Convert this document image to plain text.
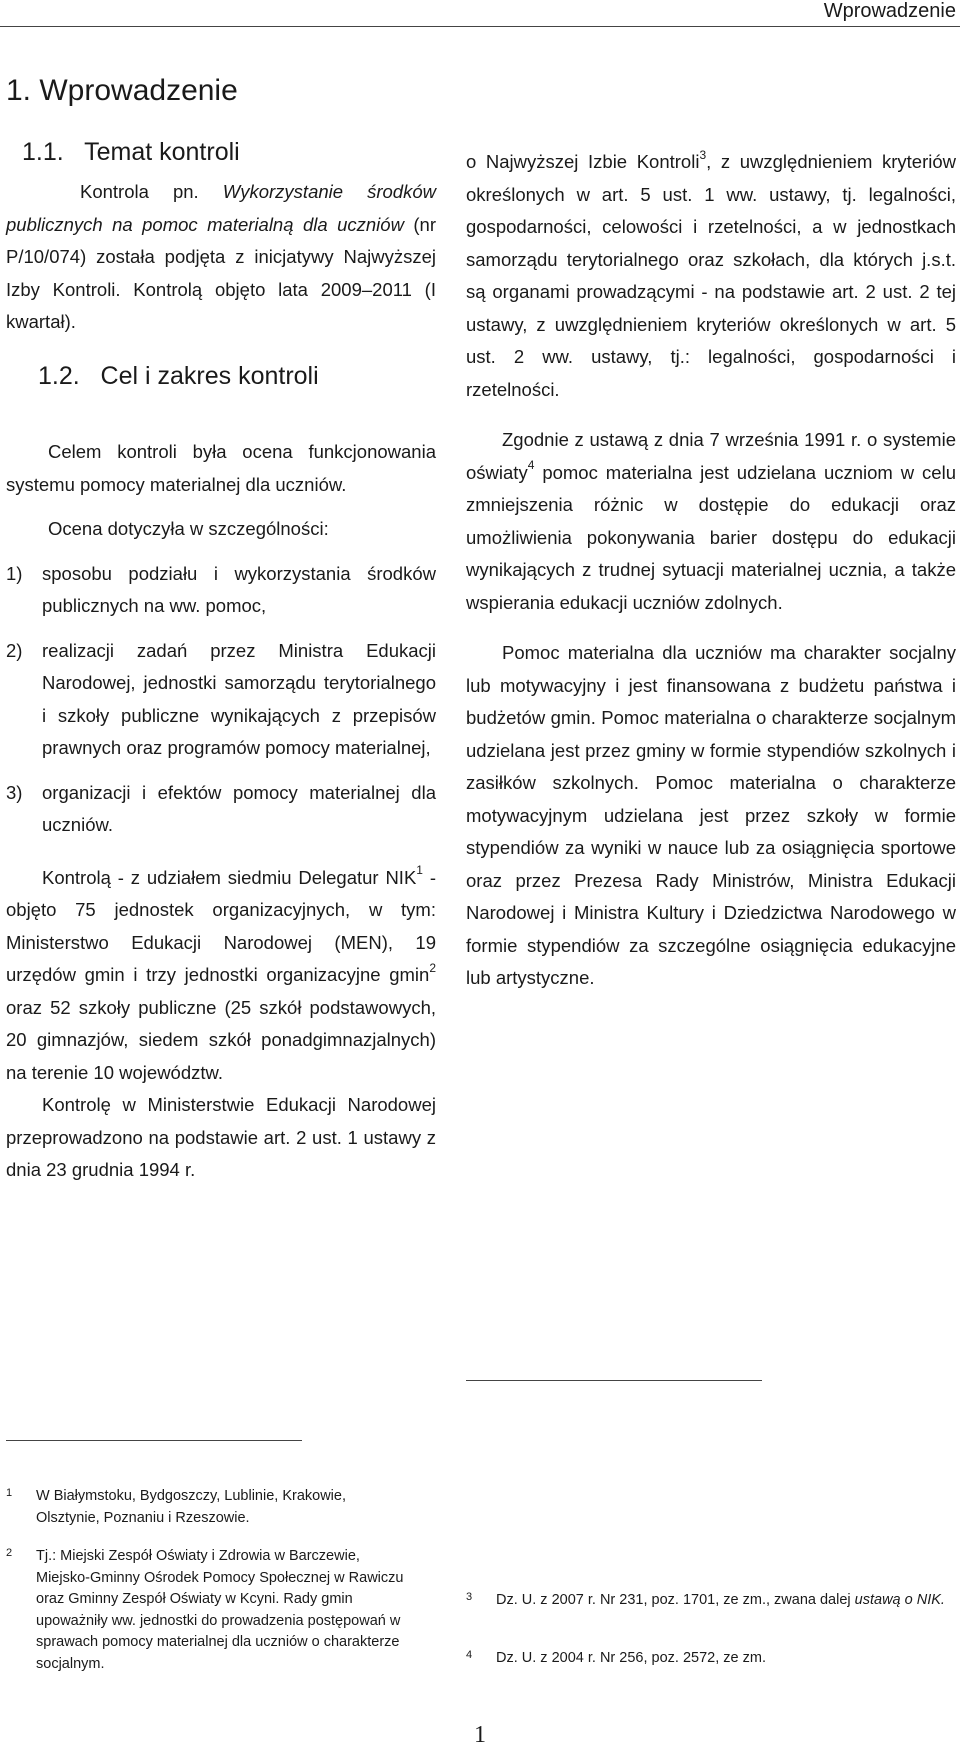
Wprowadzenie
1. Wprowadzenie
1.1.   Temat kontroli

Kontrola pn. Wykorzystanie środków publicznych na pomoc materialną dla uczniów (nr P/10/074) została podjęta z inicjatywy Najwyższej Izby Kontroli. Kontrolą objęto lata 2009–2011 (I kwartał).

1.2.   Cel i zakres kontroli

Celem kontroli była ocena funkcjonowania systemu pomocy materialnej dla uczniów.

Ocena dotyczyła w szczególności:

1)	sposobu podziału i wykorzystania środków publicznych na ww. pomoc,
2)	realizacji zadań przez Ministra Edukacji Narodowej, jednostki samorządu terytorialnego i szkoły publiczne wynikających z przepisów prawnych oraz programów pomocy materialnej,
3)	organizacji i efektów pomocy materialnej dla uczniów.

Kontrolą - z udziałem siedmiu Delegatur NIK$^1$ - objęto 75 jednostek organizacyjnych, w tym: Ministerstwo Edukacji Narodowej (MEN), 19 urzędów gmin i trzy jednostki organizacyjne gmin$^2$ oraz 52 szkoły publiczne (25 szkół podstawowych, 20 gimnazjów, siedem szkół ponadgimnazjalnych) na terenie 10 województw.

Kontrolę w Ministerstwie Edukacji Narodowej przeprowadzono na podstawie art. 2 ust. 1 ustawy z dnia 23 grudnia 1994 r.

o Najwyższej Izbie Kontroli$^3$, z uwzględnieniem kryteriów określonych w art. 5 ust. 1 ww. ustawy, tj. legalności, gospodarności, celowości i rzetelności, a w jednostkach samorządu terytorialnego oraz szkołach, dla których j.s.t. są organami prowadzącymi - na podstawie art. 2 ust. 2 tej ustawy, z uwzględnieniem kryteriów określonych w art. 5 ust. 2 ww. ustawy, tj.: legalności, gospodarności i rzetelności.

Zgodnie z ustawą z dnia 7 września 1991 r. o systemie oświaty$^4$ pomoc materialna jest udzielana uczniom w celu zmniejszenia różnic w dostępie do edukacji oraz umożliwienia pokonywania barier dostępu do edukacji wynikających z trudnej sytuacji materialnej ucznia, a także wspierania edukacji uczniów zdolnych.

Pomoc materialna dla uczniów ma charakter socjalny lub motywacyjny i jest finansowana z budżetu państwa i budżetów gmin. Pomoc materialna o charakterze socjalnym udzielana jest przez gminy w formie stypendiów szkolnych i zasiłków szkolnych. Pomoc materialna o charakterze motywacyjnym udzielana jest przez szkoły w formie stypendiów za wyniki w nauce lub za osiągnięcia sportowe oraz przez Prezesa Rady Ministrów, Ministra Edukacji Narodowej i Ministra Kultury i Dziedzictwa Narodowego w formie stypendiów za szczególne osiągnięcia edukacyjne lub artystyczne.

1	W Białymstoku, Bydgoszczy, Lublinie, Krakowie, Olsztynie, Poznaniu i Rzeszowie.
2	Tj.: Miejski Zespół Oświaty i Zdrowia w Barczewie, Miejsko-Gminny Ośrodek Pomocy Społecznej w Rawiczu oraz Gminny Zespół Oświaty w Kcyni. Rady gmin upoważniły ww. jednostki do prowadzenia postępowań w sprawach pomocy materialnej dla uczniów o charakterze socjalnym.
3	Dz. U. z 2007 r. Nr 231, poz. 1701, ze zm., zwana dalej ustawą o NIK.
4	Dz. U. z 2004 r. Nr 256, poz. 2572, ze zm.
1
